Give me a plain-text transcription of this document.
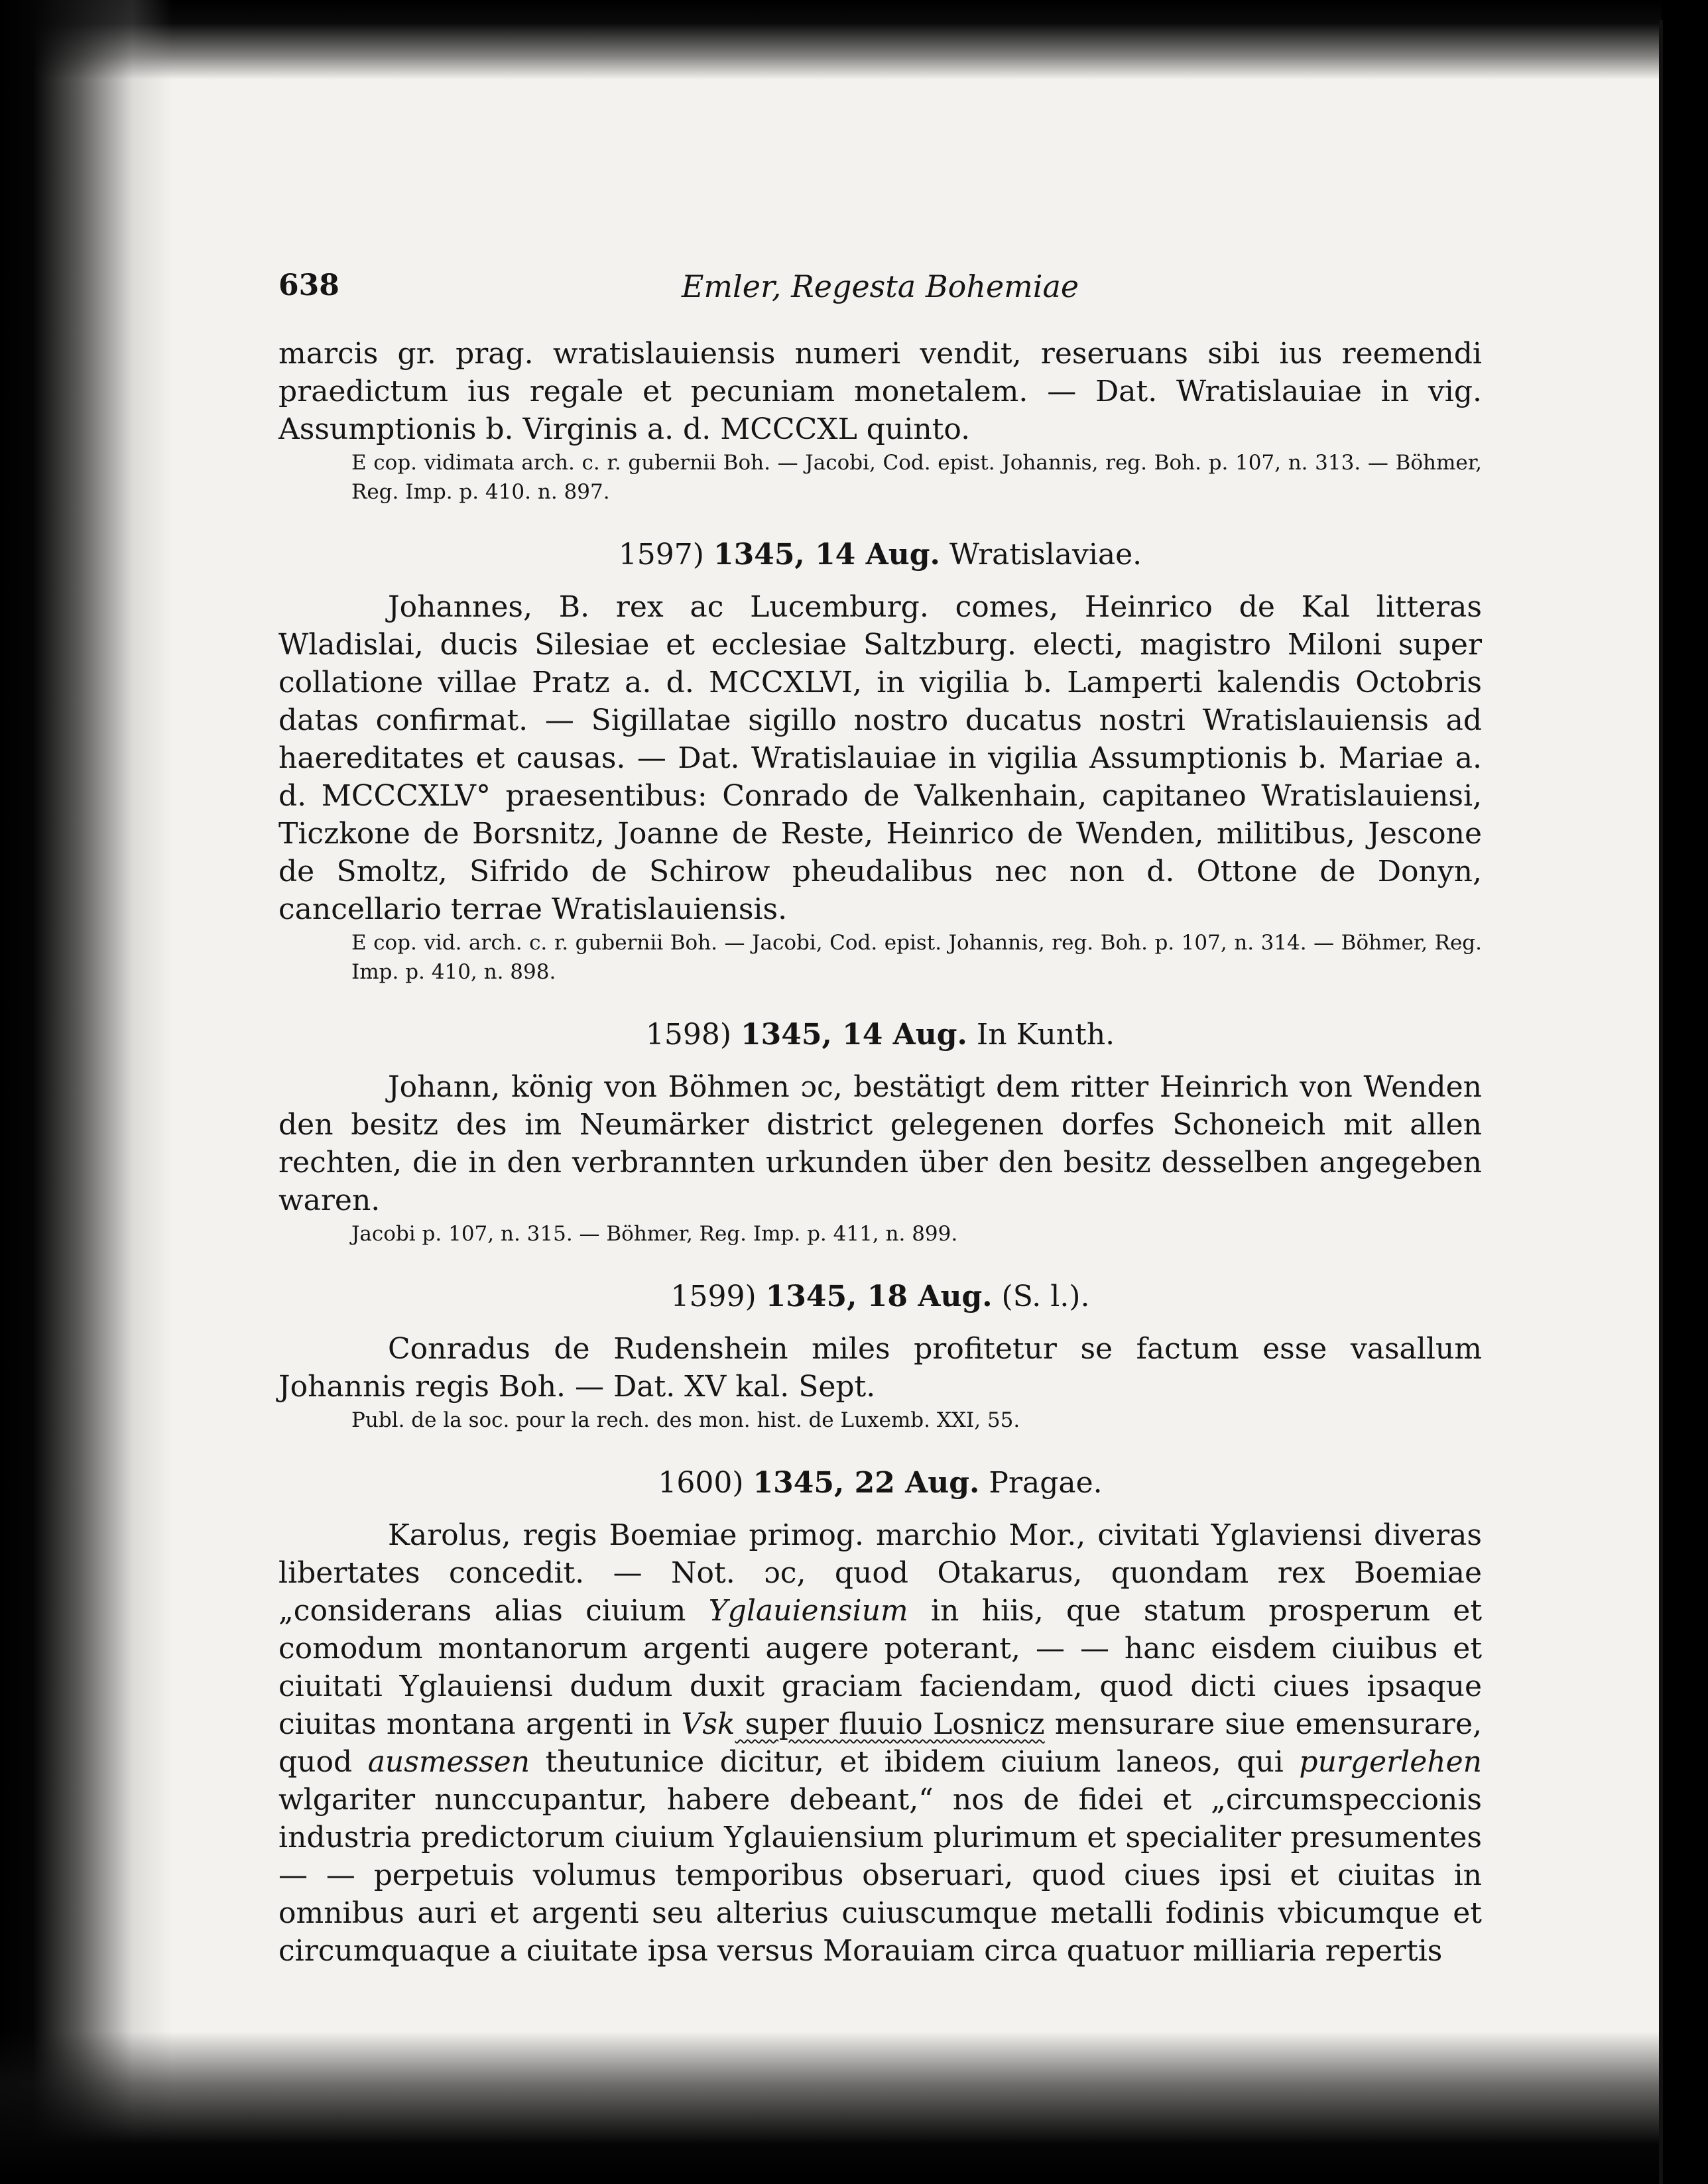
638	Emler, Regesta Bohemiae

marcis gr. prag. wratislauiensis numeri vendit, reseruans sibi ius reemendi praedictum ius regale et pecuniam monetalem. — Dat. Wratislauiae in vig. Assumptionis b. Virginis a. d. MCCCXL quinto.

E cop. vidimata arch. c. r. gubernii Boh. — Jacobi, Cod. epist. Johannis, reg. Boh. p. 107, n. 313. — Böhmer, Reg. Imp. p. 410. n. 897.

1597) 1345, 14 Aug. Wratislaviae.

Johannes, B. rex ac Lucemburg. comes, Heinrico de Kal litteras Wladislai, ducis Silesiae et ecclesiae Saltzburg. electi, magistro Miloni super collatione villae Pratz a. d. MCCXLVI, in vigilia b. Lamperti kalendis Octobris datas confirmat. — Sigillatae sigillo nostro ducatus nostri Wratislauiensis ad haereditates et causas. — Dat. Wratislauiae in vigilia Assumptionis b. Mariae a. d. MCCCXLV° praesentibus: Conrado de Valkenhain, capitaneo Wratislauiensi, Ticzkone de Borsnitz, Joanne de Reste, Heinrico de Wenden, militibus, Jescone de Smoltz, Sifrido de Schirow pheudalibus nec non d. Ottone de Donyn, cancellario terrae Wratislauiensis.

E cop. vid. arch. c. r. gubernii Boh. — Jacobi, Cod. epist. Johannis, reg. Boh. p. 107, n. 314. — Böhmer, Reg. Imp. p. 410, n. 898.

1598) 1345, 14 Aug. In Kunth.

Johann, könig von Böhmen ɔc, bestätigt dem ritter Heinrich von Wenden den besitz des im Neumärker district gelegenen dorfes Schoneich mit allen rechten, die in den verbrannten urkunden über den besitz desselben angegeben waren.

Jacobi p. 107, n. 315. — Böhmer, Reg. Imp. p. 411, n. 899.

1599) 1345, 18 Aug. (S. l.).

Conradus de Rudenshein miles profitetur se factum esse vasallum Johannis regis Boh. — Dat. XV kal. Sept.

Publ. de la soc. pour la rech. des mon. hist. de Luxemb. XXI, 55.

1600) 1345, 22 Aug. Pragae.

Karolus, regis Boemiae primog. marchio Mor., civitati Yglaviensi diveras libertates concedit. — Not. ɔc, quod Otakarus, quondam rex Boemiae „considerans alias ciuium Yglauiensium in hiis, que statum prosperum et comodum montanorum argenti augere poterant, — — hanc eisdem ciuibus et ciuitati Yglauiensi dudum duxit graciam faciendam, quod dicti ciues ipsaque ciuitas montana argenti in Vsk super fluuio Losnicz mensurare siue emensurare, quod ausmessen theutunice dicitur, et ibidem ciuium laneos, qui purgerlehen wlgariter nunccupantur, habere debeant,“ nos de fidei et „circumspeccionis industria predictorum ciuium Yglauiensium plurimum et specialiter presumentes — — perpetuis volumus temporibus obseruari, quod ciues ipsi et ciuitas in omnibus auri et argenti seu alterius cuiuscumque metalli fodinis vbicumque et circumquaque a ciuitate ipsa versus Morauiam circa quatuor milliaria repertis
